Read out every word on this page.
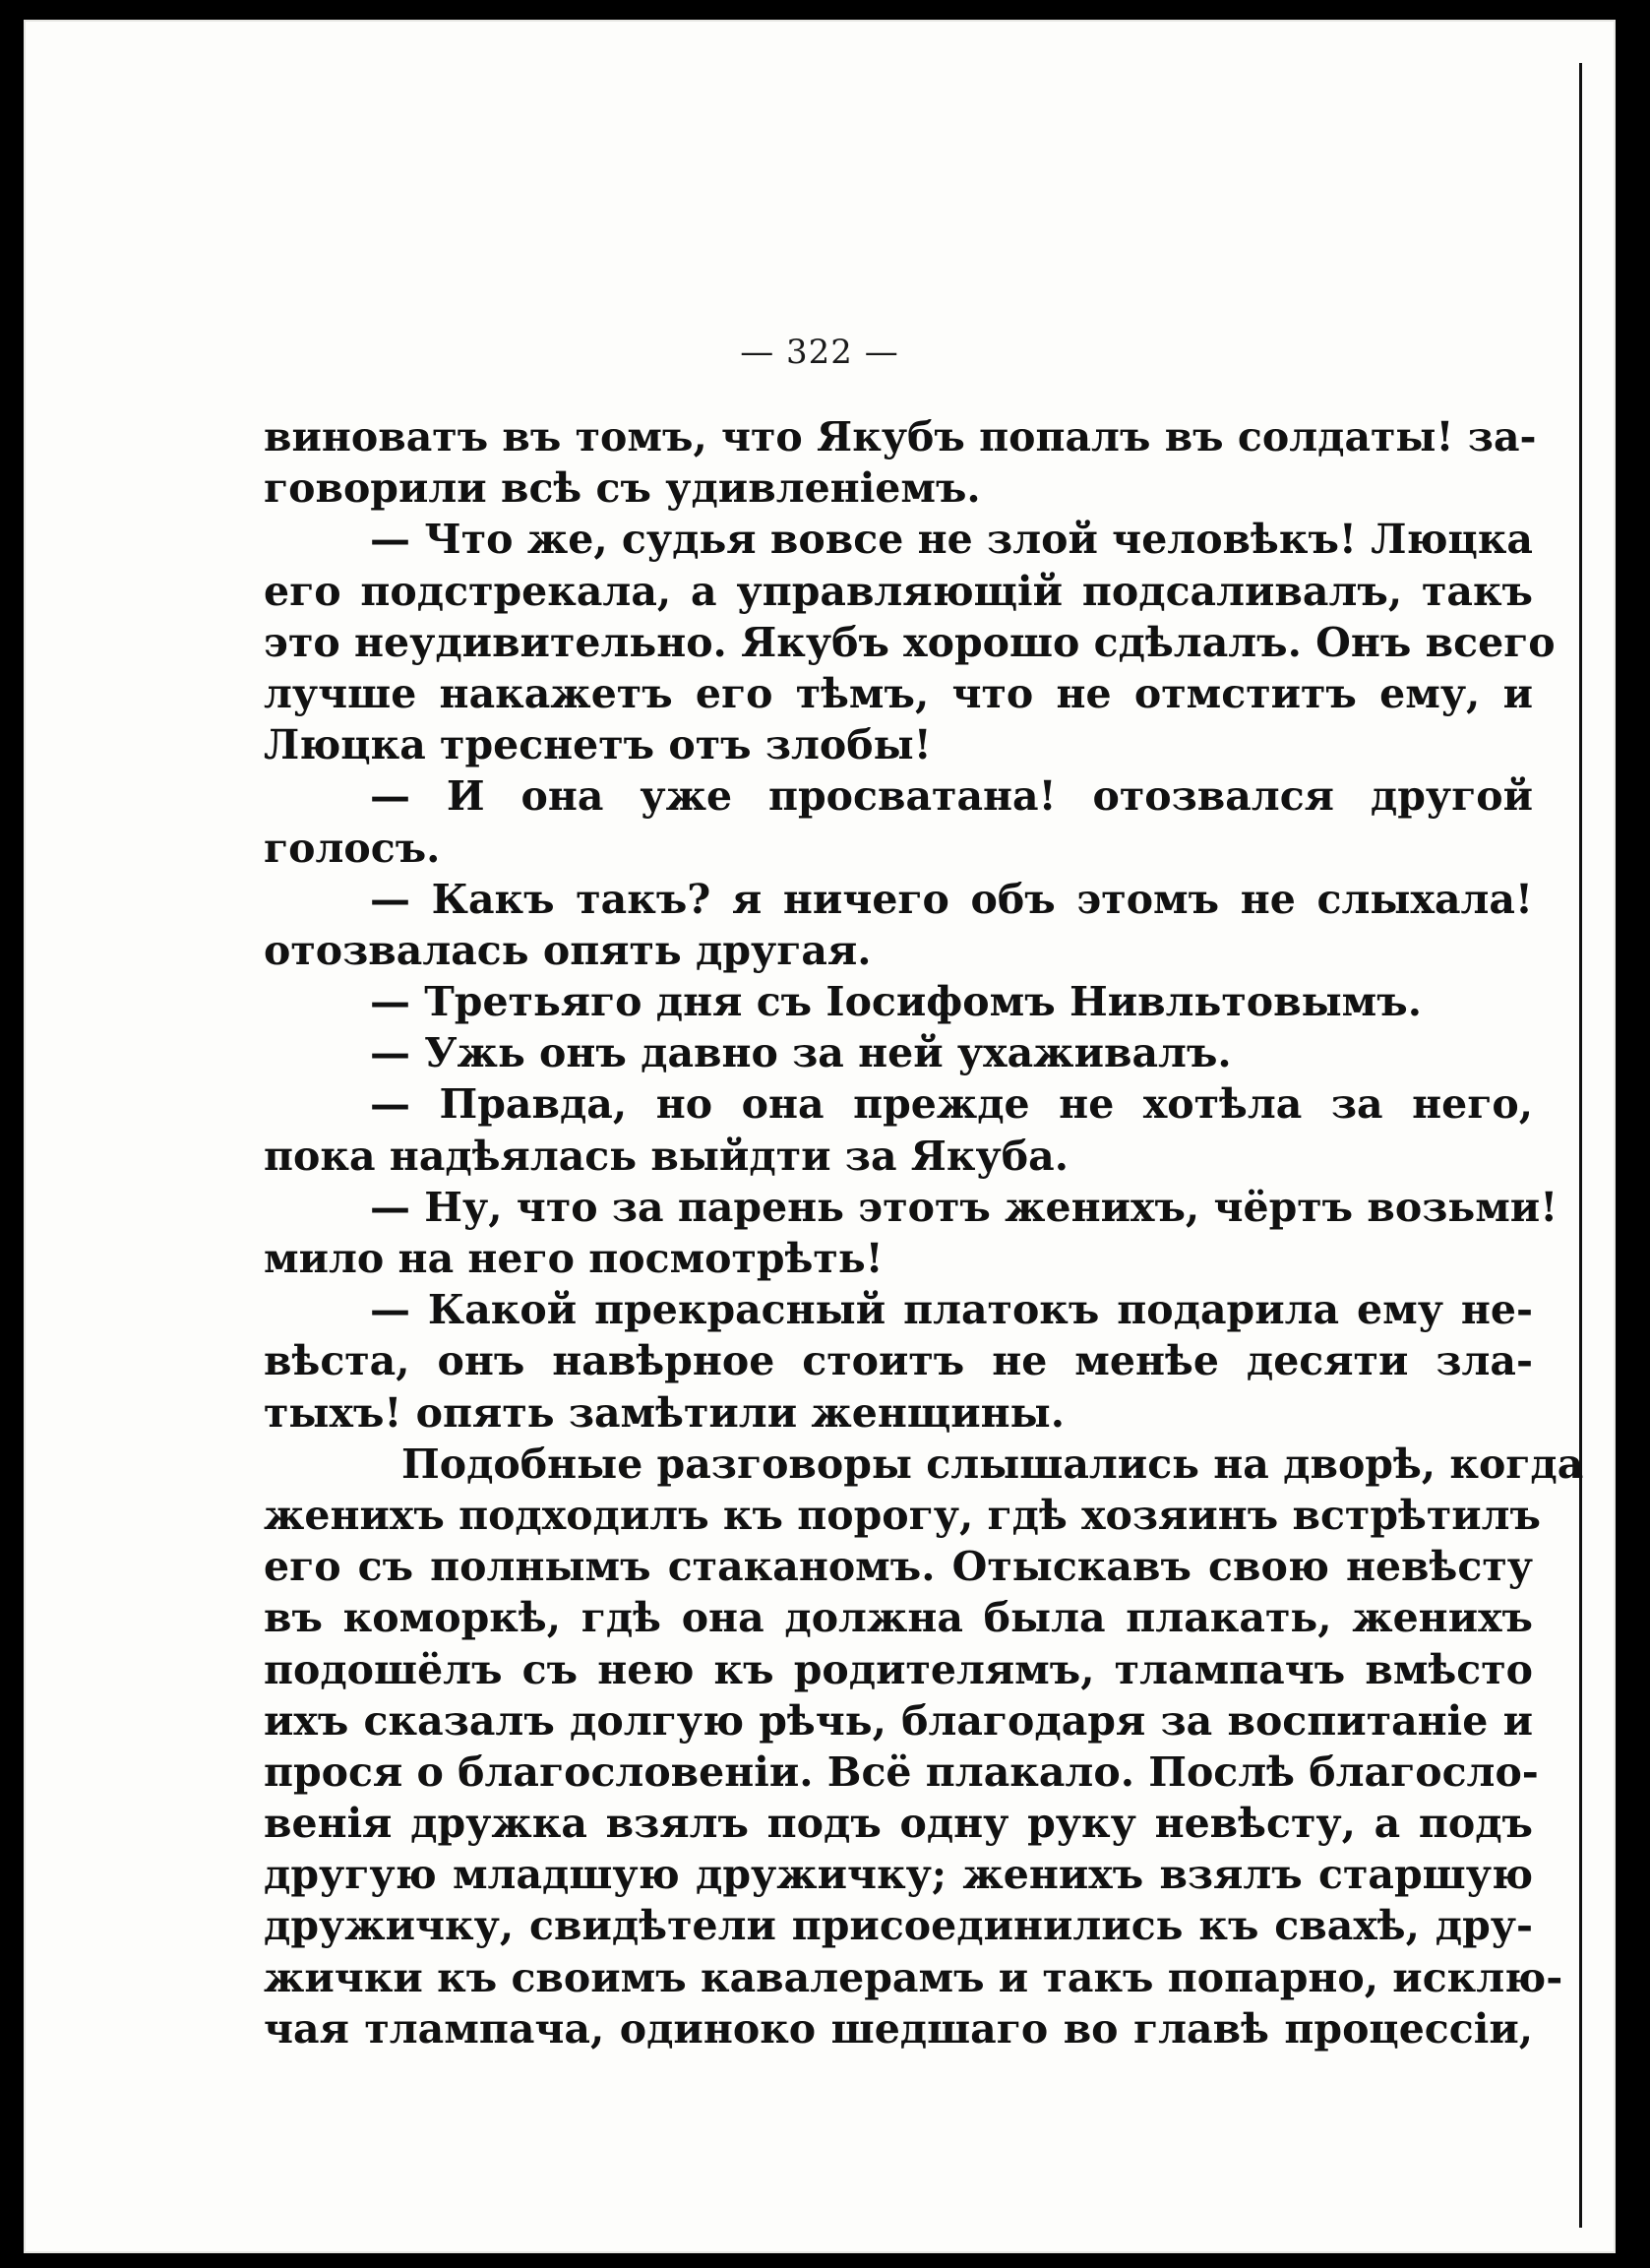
— 322 —
виноватъ въ томъ, что Якубъ попалъ въ солдаты! за-
говорили всѣ съ удивленіемъ.
— Что же, судья вовсе не злой человѣкъ! Люцка
его подстрекала, а управляющій подсаливалъ, такъ
это неудивительно. Якубъ хорошо сдѣлалъ. Онъ всего
лучше накажетъ его тѣмъ, что не отмститъ ему, и
Люцка треснетъ отъ злобы!
— И она уже просватана! отозвался другой
голосъ.
— Какъ такъ? я ничего объ этомъ не слыхала!
отозвалась опять другая.
— Третьяго дня съ Іосифомъ Нивльтовымъ.
— Ужь онъ давно за ней ухаживалъ.
— Правда, но она прежде не хотѣла за него,
пока надѣялась выйдти за Якуба.
— Ну, что за парень этотъ женихъ, чёртъ возьми!
мило на него посмотрѣть!
— Какой прекрасный платокъ подарила ему не-
вѣста, онъ навѣрное стоитъ не менѣе десяти зла-
тыхъ! опять замѣтили женщины.
Подобные разговоры слышались на дворѣ, когда
женихъ подходилъ къ порогу, гдѣ хозяинъ встрѣтилъ
его съ полнымъ стаканомъ. Отыскавъ свою невѣсту
въ коморкѣ, гдѣ она должна была плакать, женихъ
подошёлъ съ нею къ родителямъ, тлампачъ вмѣсто
ихъ сказалъ долгую рѣчь, благодаря за воспитаніе и
прося о благословеніи. Всё плакало. Послѣ благосло-
венія дружка взялъ подъ одну руку невѣсту, а подъ
другую младшую дружичку; женихъ взялъ старшую
дружичку, свидѣтели присоединились къ свахѣ, дру-
жички къ своимъ кавалерамъ и такъ попарно, исклю-
чая тлампача, одиноко шедшаго во главѣ процессіи,
